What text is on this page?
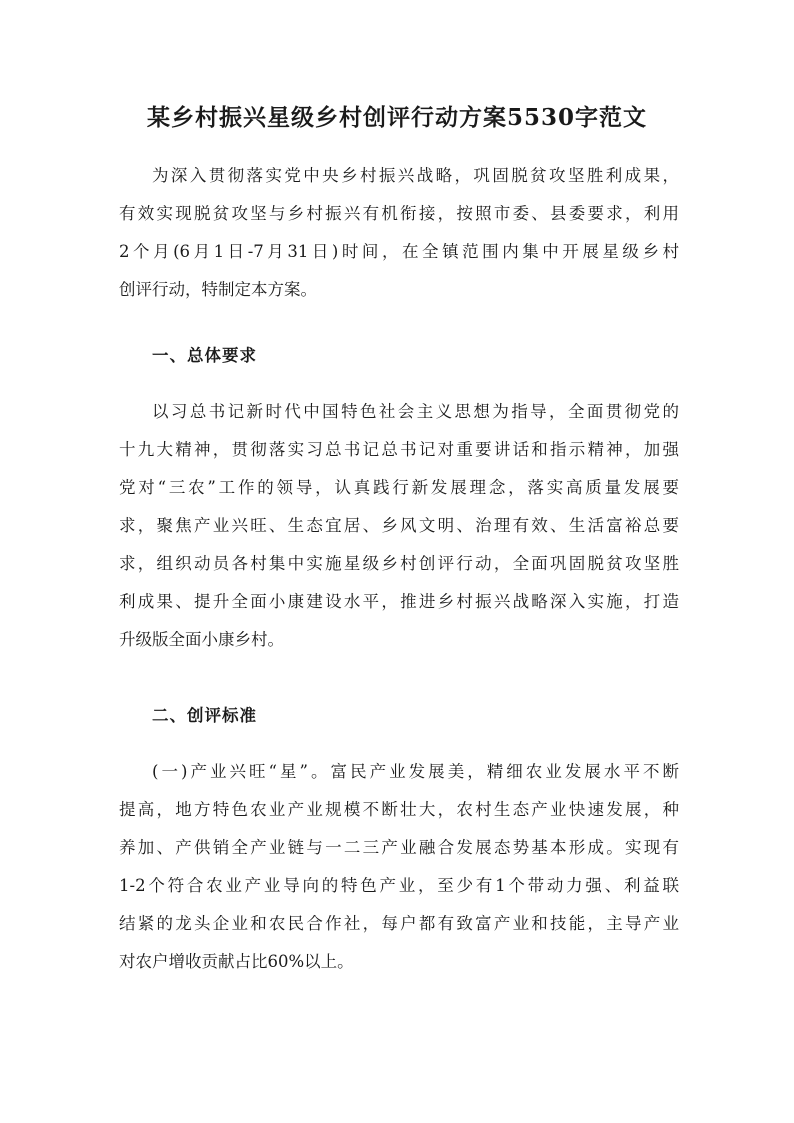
某乡村振兴星级乡村创评行动方案5530字范文
为深入贯彻落实党中央乡村振兴战略，巩固脱贫攻坚胜利成果，
有效实现脱贫攻坚与乡村振兴有机衔接，按照市委、县委要求，利用
2个月(6月1日-7月31日)时间，在全镇范围内集中开展星级乡村
创评行动，特制定本方案。
一、总体要求
以习总书记新时代中国特色社会主义思想为指导，全面贯彻党的
十九大精神，贯彻落实习总书记总书记对重要讲话和指示精神，加强
党对“三农”工作的领导，认真践行新发展理念，落实高质量发展要
求，聚焦产业兴旺、生态宜居、乡风文明、治理有效、生活富裕总要
求，组织动员各村集中实施星级乡村创评行动，全面巩固脱贫攻坚胜
利成果、提升全面小康建设水平，推进乡村振兴战略深入实施，打造
升级版全面小康乡村。
二、创评标准
(一)产业兴旺“星”。富民产业发展美，精细农业发展水平不断
提高，地方特色农业产业规模不断壮大，农村生态产业快速发展，种
养加、产供销全产业链与一二三产业融合发展态势基本形成。实现有
1-2个符合农业产业导向的特色产业，至少有1个带动力强、利益联
结紧的龙头企业和农民合作社，每户都有致富产业和技能，主导产业
对农户增收贡献占比60%以上。
